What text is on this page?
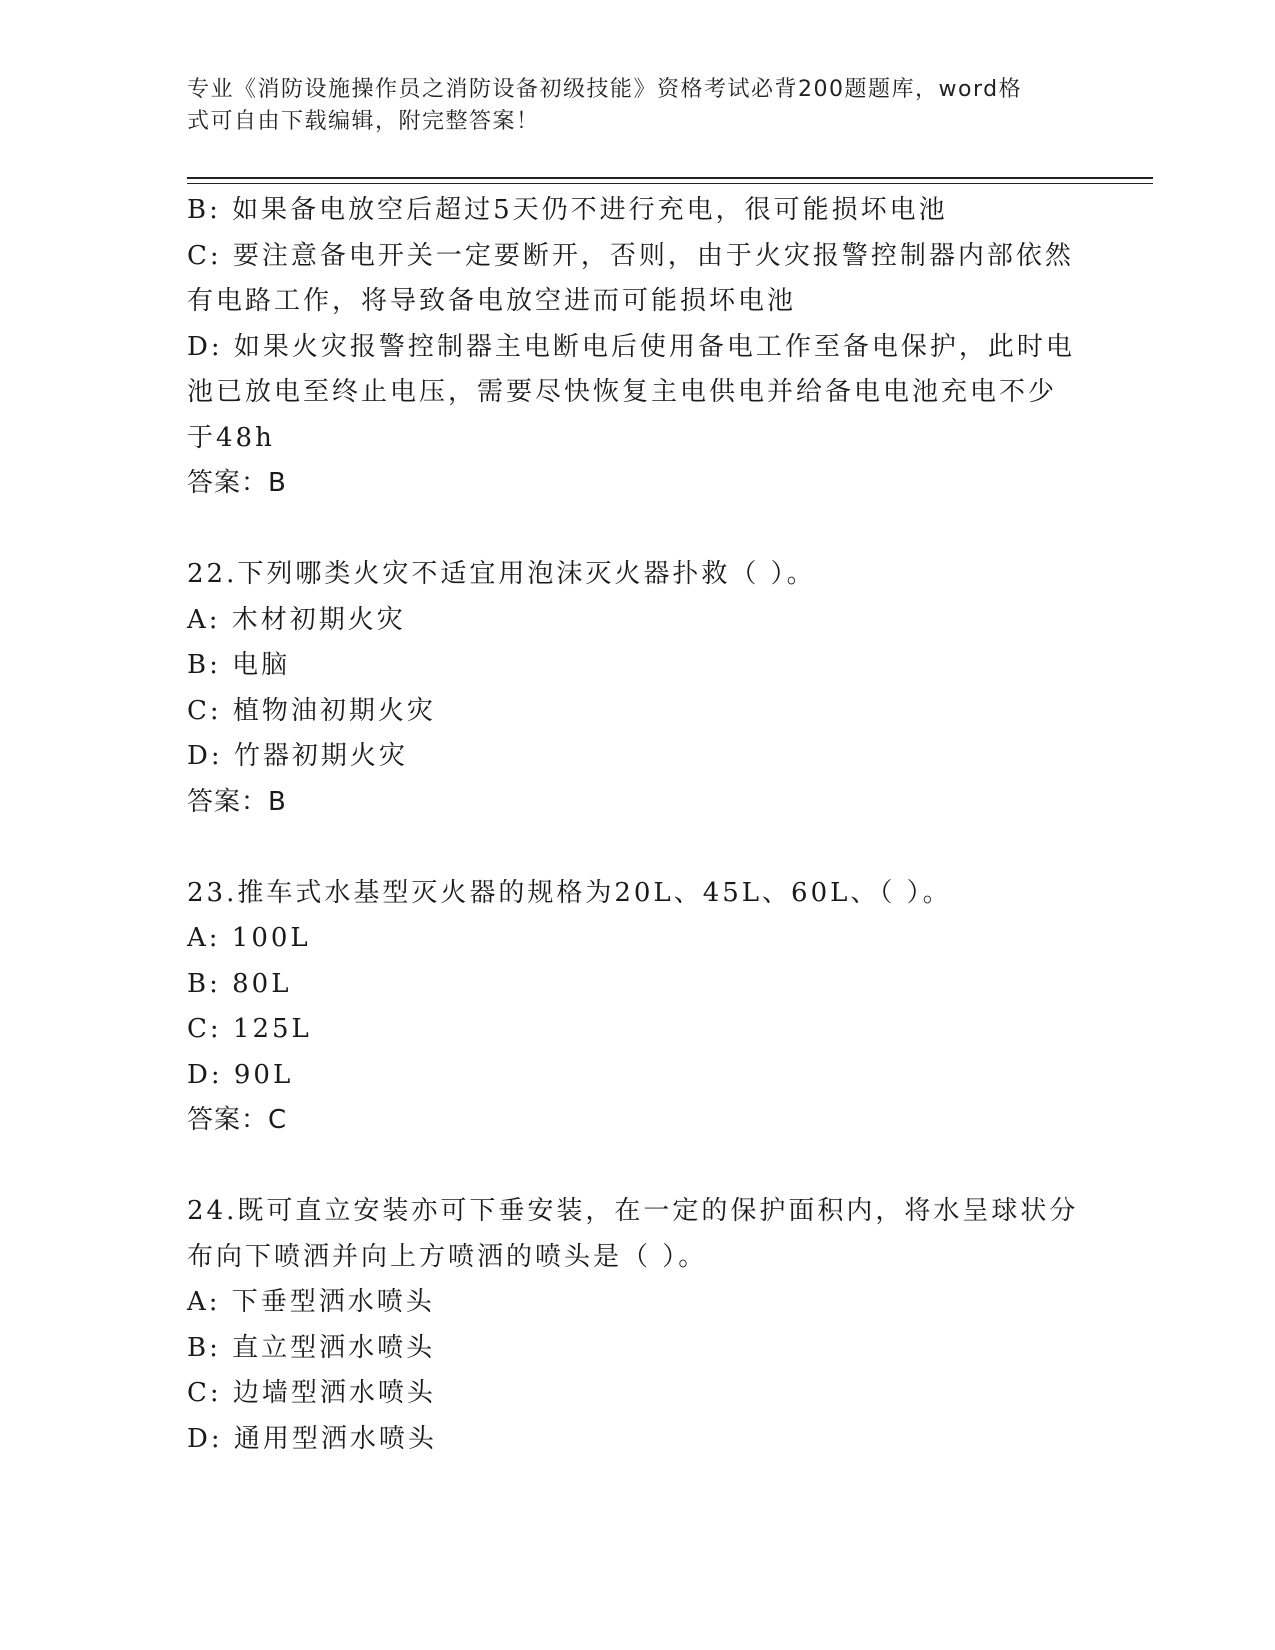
专业《消防设施操作员之消防设备初级技能》资格考试必背200题题库，word格
式可自由下载编辑，附完整答案！
B: 如果备电放空后超过5天仍不进行充电，很可能损坏电池
C: 要注意备电开关一定要断开，否则，由于火灾报警控制器内部依然
有电路工作，将导致备电放空进而可能损坏电池
D: 如果火灾报警控制器主电断电后使用备电工作至备电保护，此时电
池已放电至终止电压，需要尽快恢复主电供电并给备电电池充电不少
于48h
答案：B
22.下列哪类火灾不适宜用泡沫灭火器扑救（ ）。
A: 木材初期火灾
B: 电脑
C: 植物油初期火灾
D: 竹器初期火灾
答案：B
23.推车式水基型灭火器的规格为20L、45L、60L、（ ）。
A: 100L
B: 80L
C: 125L
D: 90L
答案：C
24.既可直立安装亦可下垂安装，在一定的保护面积内，将水呈球状分
布向下喷洒并向上方喷洒的喷头是（ ）。
A: 下垂型洒水喷头
B: 直立型洒水喷头
C: 边墙型洒水喷头
D: 通用型洒水喷头
